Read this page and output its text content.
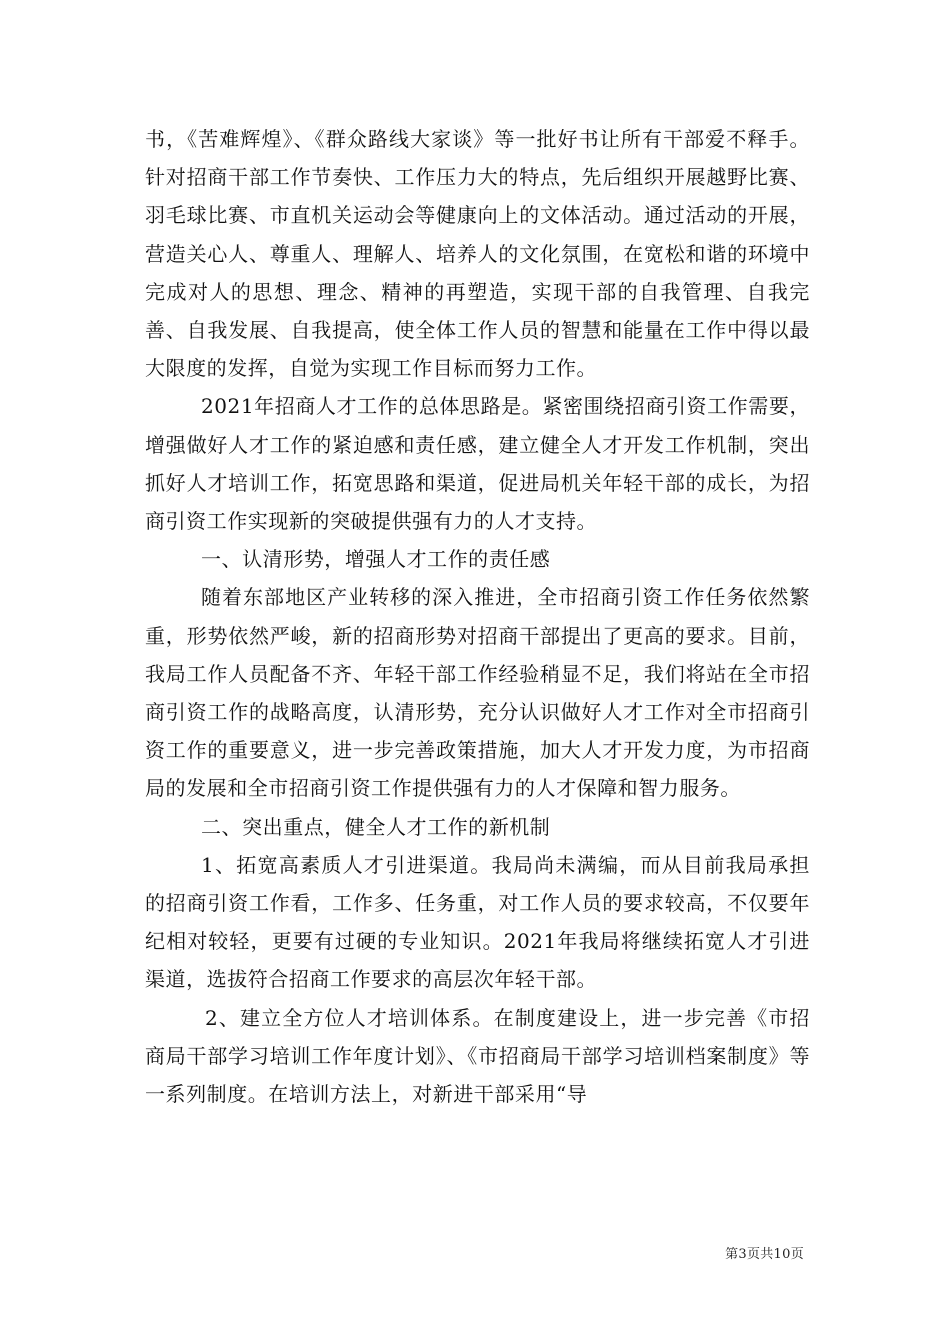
书，《苦难辉煌》、《群众路线大家谈》等一批好书让所有干部爱不释手。针对招商干部工作节奏快、工作压力大的特点，先后组织开展越野比赛、羽毛球比赛、市直机关运动会等健康向上的文体活动。通过活动的开展，营造关心人、尊重人、理解人、培养人的文化氛围，在宽松和谐的环境中完成对人的思想、理念、精神的再塑造，实现干部的自我管理、自我完善、自我发展、自我提高，使全体工作人员的智慧和能量在工作中得以最大限度的发挥，自觉为实现工作目标而努力工作。

2021年招商人才工作的总体思路是。紧密围绕招商引资工作需要，增强做好人才工作的紧迫感和责任感，建立健全人才开发工作机制，突出抓好人才培训工作，拓宽思路和渠道，促进局机关年轻干部的成长，为招商引资工作实现新的突破提供强有力的人才支持。

一、认清形势，增强人才工作的责任感

随着东部地区产业转移的深入推进，全市招商引资工作任务依然繁重，形势依然严峻，新的招商形势对招商干部提出了更高的要求。目前，我局工作人员配备不齐、年轻干部工作经验稍显不足，我们将站在全市招商引资工作的战略高度，认清形势，充分认识做好人才工作对全市招商引资工作的重要意义，进一步完善政策措施，加大人才开发力度，为市招商局的发展和全市招商引资工作提供强有力的人才保障和智力服务。

二、突出重点，健全人才工作的新机制

1、拓宽高素质人才引进渠道。我局尚未满编，而从目前我局承担的招商引资工作看，工作多、任务重，对工作人员的要求较高，不仅要年纪相对较轻，更要有过硬的专业知识。2021年我局将继续拓宽人才引进渠道，选拔符合招商工作要求的高层次年轻干部。

2、建立全方位人才培训体系。在制度建设上，进一步完善《市招商局干部学习培训工作年度计划》、《市招商局干部学习培训档案制度》等一系列制度。在培训方法上，对新进干部采用“导

第3页共10页
